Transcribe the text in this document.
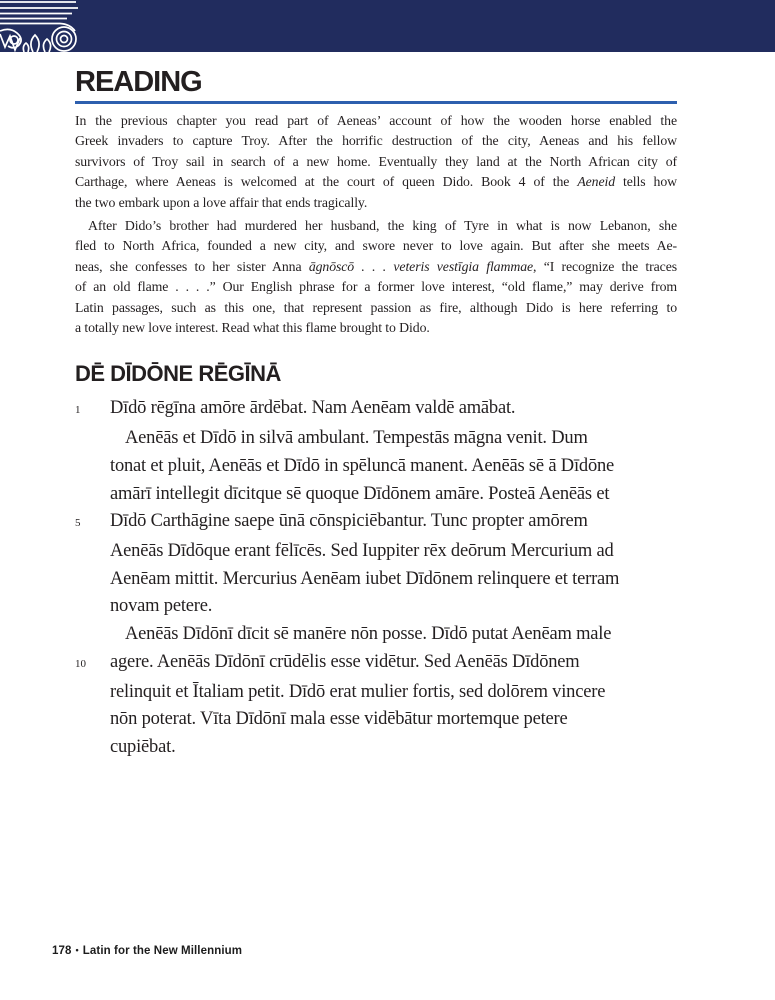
READING
In the previous chapter you read part of Aeneas’ account of how the wooden horse enabled the
Greek invaders to capture Troy. After the horrific destruction of the city, Aeneas and his fellow
survivors of Troy sail in search of a new home. Eventually they land at the North African city of
Carthage, where Aeneas is welcomed at the court of queen Dido. Book 4 of the Aeneid tells how
the two embark upon a love affair that ends tragically.
After Dido’s brother had murdered her husband, the king of Tyre in what is now Lebanon, she
fled to North Africa, founded a new city, and swore never to love again. But after she meets Ae-
neas, she confesses to her sister Anna āgnōscō . . . veteris vestīgia flammae, “I recognize the traces
of an old flame . . . .” Our English phrase for a former love interest, “old flame,” may derive from
Latin passages, such as this one, that represent passion as fire, although Dido is here referring to
a totally new love interest. Read what this flame brought to Dido.
DĒ DĪDŌNE RĒGĪNĀ
1	Dīdō rēgīna amōre ārdēbat. Nam Aenēam valdē amābat.
Aenēās et Dīdō in silvā ambulant. Tempestās māgna venit. Dum
tonat et pluit, Aenēās et Dīdō in spēluncā manent. Aenēās sē ā Dīdōne
amārī intellegit dīcitque sē quoque Dīdōnem amāre. Posteā Aenēās et
5	Dīdō Carthāgine saepe ūnā cōnspiciēbantur. Tunc propter amōrem
Aenēās Dīdōque erant fēlīcēs. Sed Iuppiter rēx deōrum Mercurium ad
Aenēam mittit. Mercurius Aenēam iubet Dīdōnem relinquere et terram
novam petere.
Aenēās Dīdōnī dīcit sē manēre nōn posse. Dīdō putat Aenēam male
10	agere. Aenēās Dīdōnī crūdēlis esse vidētur. Sed Aenēās Dīdōnem
relinquit et Ītaliam petit. Dīdō erat mulier fortis, sed dolōrem vincere
nōn poterat. Vīta Dīdōnī mala esse vidēbātur mortemque petere
cupiēbat.
178 • Latin for the New Millennium
